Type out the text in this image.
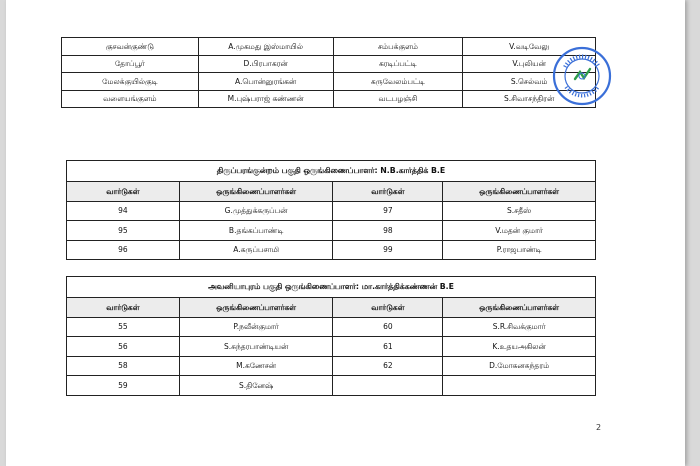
குசவன்குண்டு	A.முகமது இஸ்மாயில்	சம்பக்குளம்	V.வடிவேலு
தோப்பூர்	D.பிரபாகரன்	கரடிப்பட்டி	V.புலியன்
மேலக்குயில்குடி	A.பொன்னுரங்கன்	கருவேலம்பட்டி	S.செல்வம்
வளையங்குளம்	M.புஷ்பராஜ் கண்ணன்	வடபழஞ்சி	S.சிவாசந்திரன்
திருப்பரங்குன்றம் பகுதி ஒருங்கிணைப்பாளர்: N.B.கார்த்திக் B.E			
வார்டுகள்	ஒருங்கிணைப்பாளர்கள்	வார்டுகள்	ஒருங்கிணைப்பாளர்கள்
94	G.முத்துக்கருப்பன்	97	S.சதீஸ்
95	B.தங்கப்பாண்டி	98	V.மதன் குமார்
96	A.கருப்பசாமி	99	P.ராஜபாண்டி
அவனியாபுரம் பகுதி ஒருங்கிணைப்பாளர்: மா.கார்த்திக்கண்ணன் B.E			
வார்டுகள்	ஒருங்கிணைப்பாளர்கள்	வார்டுகள்	ஒருங்கிணைப்பாளர்கள்
55	P.நவீன்குமார்	60	S.R.சிவக்குமார்
56	S.சுந்தரபாண்டியன்	61	K.உதயஅகிலன்
58	M.கணேசன்	62	D.மோகனசுந்தரம்
59	S.தினேஷ்		
2
